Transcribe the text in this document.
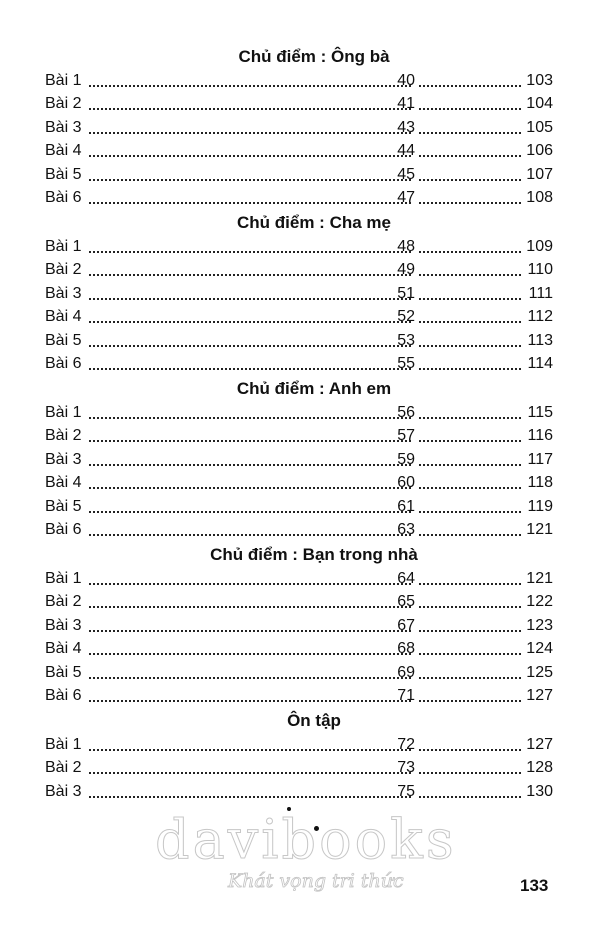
Chủ điểm : Ông bà
Bài 1	40	103
Bài 2	41	104
Bài 3	43	105
Bài 4	44	106
Bài 5	45	107
Bài 6	47	108
Chủ điểm : Cha mẹ
Bài 1	48	109
Bài 2	49	110
Bài 3	51	111
Bài 4	52	112
Bài 5	53	113
Bài 6	55	114
Chủ điểm : Anh em
Bài 1	56	115
Bài 2	57	116
Bài 3	59	117
Bài 4	60	118
Bài 5	61	119
Bài 6	63	121
Chủ điểm : Bạn trong nhà
Bài 1	64	121
Bài 2	65	122
Bài 3	67	123
Bài 4	68	124
Bài 5	69	125
Bài 6	71	127
Ôn tập
Bài 1	72	127
Bài 2	73	128
Bài 3	75	130
davibooks
Khát vọng tri thức	133
